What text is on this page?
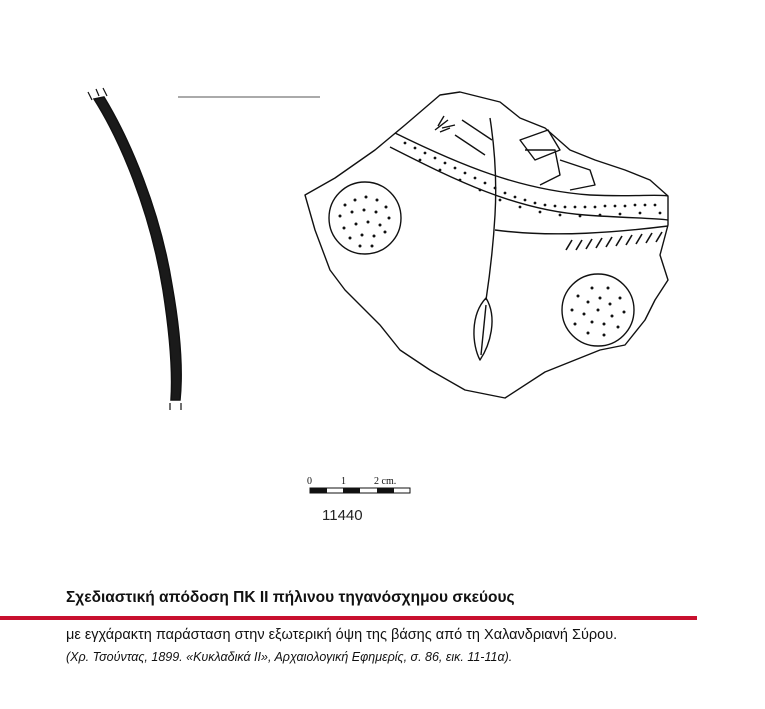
0	1	2 cm.
11440
Σχεδιαστική απόδοση ΠΚ ΙΙ πήλινου τηγανόσχημου σκεύους
με εγχάρακτη παράσταση στην εξωτερική όψη της βάσης από τη Χαλανδριανή Σύρου.
(Χρ. Τσούντας, 1899. «Κυκλαδικά ΙΙ», Αρχαιολογική Εφημερίς, σ. 86, εικ. 11-11α).
